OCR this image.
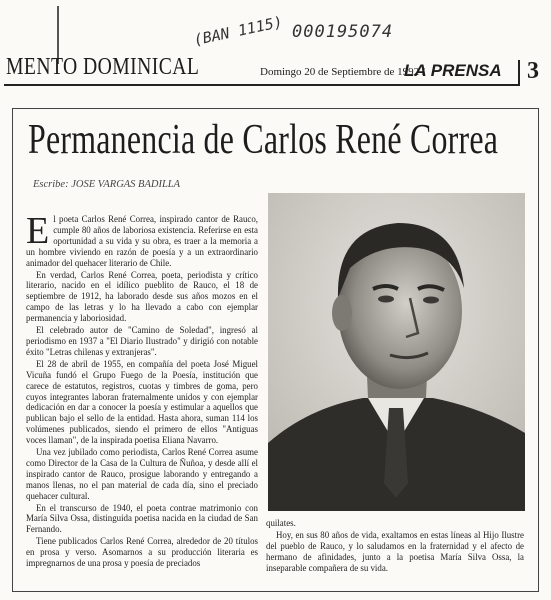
(BAN 1115) 000195074
MENTO DOMINICAL	Domingo 20 de Septiembre de 1992 /
LA PRENSA 3
Permanencia de Carlos René Correa
Escribe: JOSE VARGAS BADILLA

El poeta Carlos René Correa, inspirado cantor de Rauco, cumple 80 años de laboriosa existencia. Referirse en esta oportunidad a su vida y su obra, es traer a la memoria a un hombre viviendo en razón de poesía y a un extraordinario animador del quehacer literario de Chile.

En verdad, Carlos René Correa, poeta, periodista y crítico literario, nacido en el idílico pueblito de Rauco, el 18 de septiembre de 1912, ha laborado desde sus años mozos en el campo de las letras y lo ha llevado a cabo con ejemplar permanencia y laboriosidad.

El celebrado autor de "Camino de Soledad", ingresó al periodismo en 1937 a "El Diario Ilustrado" y dirigió con notable éxito "Letras chilenas y extranjeras".

El 28 de abril de 1955, en compañía del poeta José Miguel Vicuña fundó el Grupo Fuego de la Poesía, institución que carece de estatutos, registros, cuotas y timbres de goma, pero cuyos integrantes laboran fraternalmente unidos y con ejemplar dedicación en dar a conocer la poesía y estimular a aquellos que publican bajo el sello de la entidad. Hasta ahora, suman 114 los volúmenes publicados, siendo el primero de ellos "Antiguas voces llaman", de la inspirada poetisa Eliana Navarro.

Una vez jubilado como periodista, Carlos René Correa asume como Director de la Casa de la Cultura de Ñuñoa, y desde allí el inspirado cantor de Rauco, prosigue laborando y entregando a manos llenas, no el pan material de cada día, sino el preciado quehacer cultural.

En el transcurso de 1940, el poeta contrae matrimonio con María Silva Ossa, distinguida poetisa nacida en la ciudad de San Fernando.

Tiene publicados Carlos René Correa, alrededor de 20 títulos en prosa y verso. Asomarnos a su producción literaria es impregnarnos de una prosa y poesía de preciados

quilates.

Hoy, en sus 80 años de vida, exaltamos en estas líneas al Hijo Ilustre del pueblo de Rauco, y lo saludamos en la fraternidad y el afecto de hermano de afinidades, junto a la poetisa María Silva Ossa, la inseparable compañera de su vida.
